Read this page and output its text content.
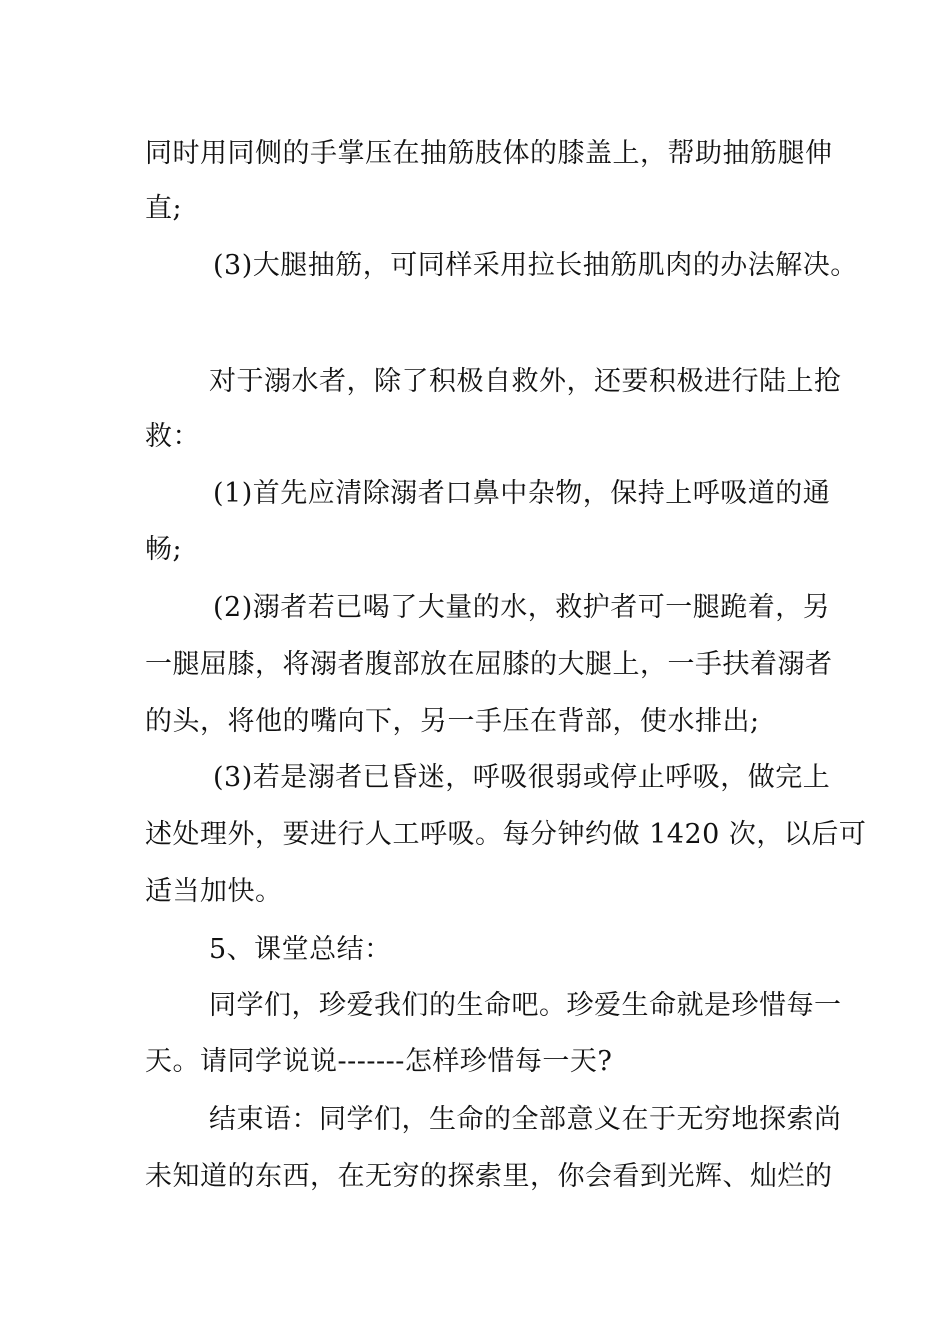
同时用同侧的手掌压在抽筋肢体的膝盖上，帮助抽筋腿伸
直;
(3)大腿抽筋，可同样采用拉长抽筋肌肉的办法解决。
对于溺水者，除了积极自救外，还要积极进行陆上抢
救：
(1)首先应清除溺者口鼻中杂物，保持上呼吸道的通
畅;
(2)溺者若已喝了大量的水，救护者可一腿跪着，另
一腿屈膝，将溺者腹部放在屈膝的大腿上，一手扶着溺者
的头，将他的嘴向下，另一手压在背部，使水排出;
(3)若是溺者已昏迷，呼吸很弱或停止呼吸，做完上
述处理外，要进行人工呼吸。每分钟约做 1420 次，以后可
适当加快。
5、课堂总结：
同学们，珍爱我们的生命吧。珍爱生命就是珍惜每一
天。请同学说说-------怎样珍惜每一天?
结束语：同学们，生命的全部意义在于无穷地探索尚
未知道的东西，在无穷的探索里，你会看到光辉、灿烂的
